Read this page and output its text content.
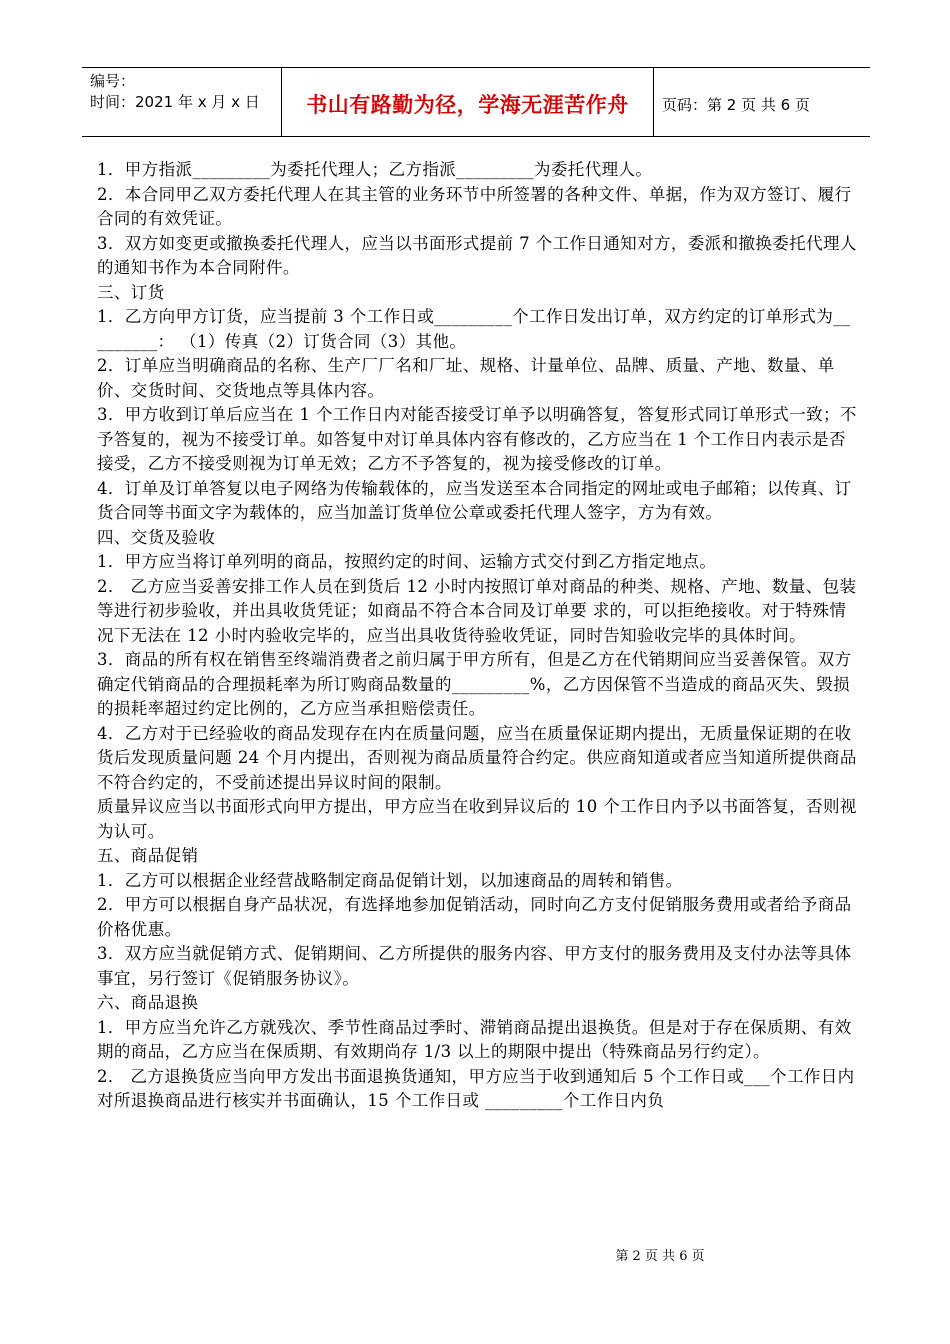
编号：
时间：2021 年 x 月 x 日	书山有路勤为径，学海无涯苦作舟	页码：第 2 页 共 6 页

1．甲方指派_________为委托代理人；乙方指派_________为委托代理人。

2．本合同甲乙双方委托代理人在其主管的业务环节中所签署的各种文件、单据，作为双方签订、履行合同的有效凭证。

3．双方如变更或撤换委托代理人，应当以书面形式提前 7 个工作日通知对方，委派和撤换委托代理人的通知书作为本合同附件。

三、订货

1．乙方向甲方订货，应当提前 3 个工作日或_________个工作日发出订单，双方约定的订单形式为_________： （1）传真（2）订货合同（3）其他。

2．订单应当明确商品的名称、生产厂厂名和厂址、规格、计量单位、品牌、质量、产地、数量、单价、交货时间、交货地点等具体内容。

3．甲方收到订单后应当在 1 个工作日内对能否接受订单予以明确答复，答复形式同订单形式一致；不予答复的，视为不接受订单。如答复中对订单具体内容有修改的，乙方应当在 1 个工作日内表示是否接受，乙方不接受则视为订单无效；乙方不予答复的，视为接受修改的订单。

4．订单及订单答复以电子网络为传输载体的，应当发送至本合同指定的网址或电子邮箱；以传真、订货合同等书面文字为载体的，应当加盖订货单位公章或委托代理人签字，方为有效。

四、交货及验收

1．甲方应当将订单列明的商品，按照约定的时间、运输方式交付到乙方指定地点。

2． 乙方应当妥善安排工作人员在到货后 12 小时内按照订单对商品的种类、规格、产地、数量、包装等进行初步验收，并出具收货凭证；如商品不符合本合同及订单要 求的，可以拒绝接收。对于特殊情况下无法在 12 小时内验收完毕的，应当出具收货待验收凭证，同时告知验收完毕的具体时间。

3．商品的所有权在销售至终端消费者之前归属于甲方所有，但是乙方在代销期间应当妥善保管。双方确定代销商品的合理损耗率为所订购商品数量的_________%，乙方因保管不当造成的商品灭失、毁损的损耗率超过约定比例的，乙方应当承担赔偿责任。

4．乙方对于已经验收的商品发现存在内在质量问题，应当在质量保证期内提出，无质量保证期的在收货后发现质量问题 24 个月内提出，否则视为商品质量符合约定。供应商知道或者应当知道所提供商品不符合约定的，不受前述提出异议时间的限制。

质量异议应当以书面形式向甲方提出，甲方应当在收到异议后的 10 个工作日内予以书面答复，否则视为认可。

五、商品促销

1．乙方可以根据企业经营战略制定商品促销计划，以加速商品的周转和销售。

2．甲方可以根据自身产品状况，有选择地参加促销活动，同时向乙方支付促销服务费用或者给予商品价格优惠。

3．双方应当就促销方式、促销期间、乙方所提供的服务内容、甲方支付的服务费用及支付办法等具体事宜，另行签订《促销服务协议》。

六、商品退换

1．甲方应当允许乙方就残次、季节性商品过季时、滞销商品提出退换货。但是对于存在保质期、有效期的商品，乙方应当在保质期、有效期尚存 1/3 以上的期限中提出（特殊商品另行约定）。

2． 乙方退换货应当向甲方发出书面退换货通知，甲方应当于收到通知后 5 个工作日或___个工作日内对所退换商品进行核实并书面确认，15 个工作日或 _________个工作日内负

第 2 页 共 6 页
